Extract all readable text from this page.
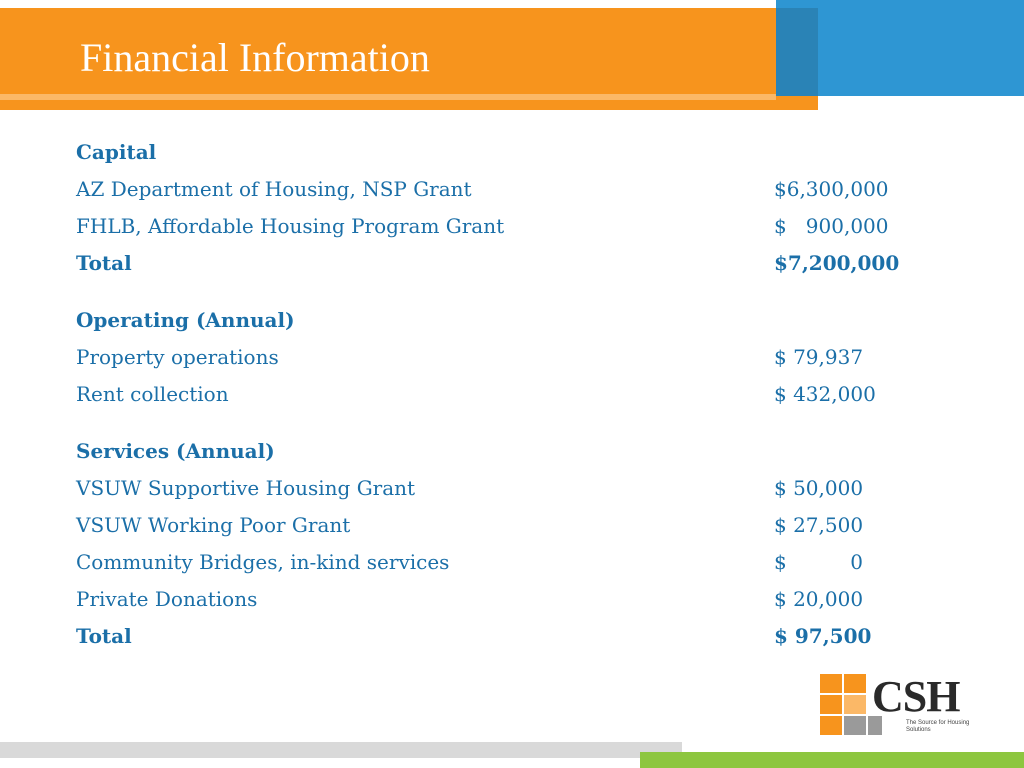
Financial Information
Capital
AZ Department of Housing, NSP Grant	$6,300,000
FHLB, Affordable Housing Program Grant	$   900,000
Total	$7,200,000
Operating (Annual)
Property operations	$ 79,937
Rent collection	$ 432,000
Services (Annual)
VSUW Supportive Housing Grant	$ 50,000
VSUW Working Poor Grant	$ 27,500
Community Bridges, in-kind services	$          0
Private Donations	$ 20,000
Total	$ 97,500
CSH
The Source for Housing Solutions
